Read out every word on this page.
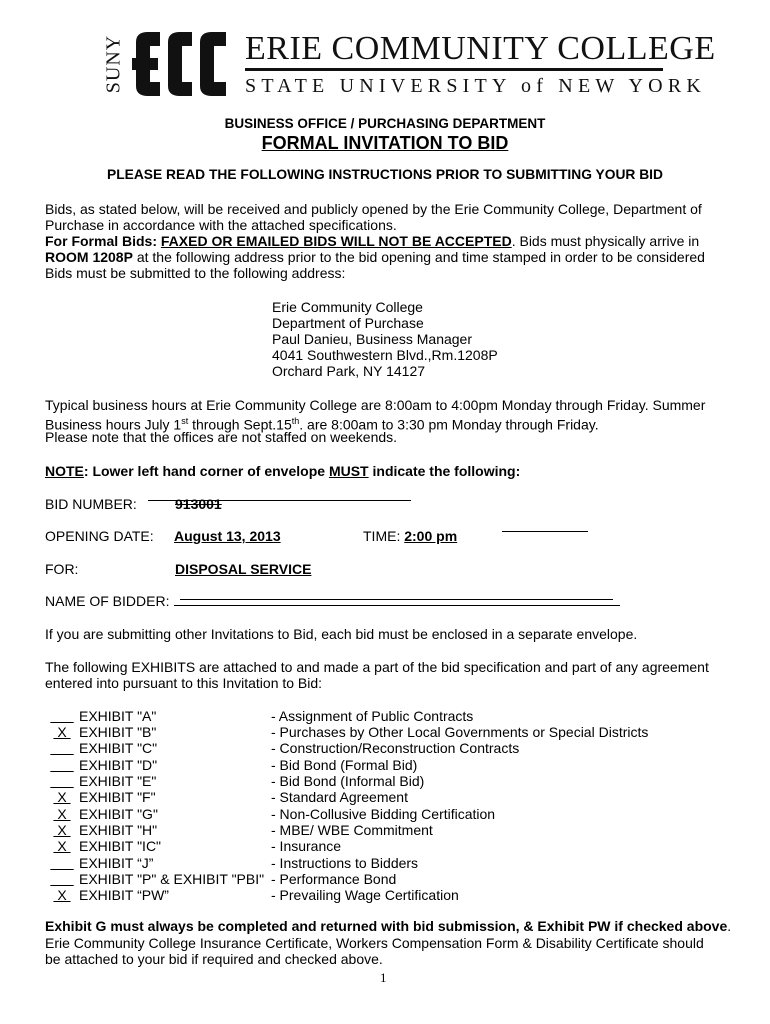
SUNY	ERIE COMMUNITY COLLEGE
STATE UNIVERSITY of NEW YORK
BUSINESS OFFICE / PURCHASING DEPARTMENT
FORMAL INVITATION TO BID
PLEASE READ THE FOLLOWING INSTRUCTIONS PRIOR TO SUBMITTING YOUR BID
Bids, as stated below, will be received and publicly opened by the Erie Community College, Department of
Purchase in accordance with the attached specifications.
For Formal Bids: FAXED OR EMAILED BIDS WILL NOT BE ACCEPTED. Bids must physically arrive in
ROOM 1208P at the following address prior to the bid opening and time stamped in order to be considered
Bids must be submitted to the following address:
Erie Community College
Department of Purchase
Paul Danieu, Business Manager
4041 Southwestern Blvd.,Rm.1208P
Orchard Park, NY 14127
Typical business hours at Erie Community College are 8:00am to 4:00pm Monday through Friday. Summer
Business hours July 1st through Sept.15th. are 8:00am to 3:30 pm Monday through Friday.
Please note that the offices are not staffed on weekends.
NOTE: Lower left hand corner of envelope MUST indicate the following:
BID NUMBER:	913001
OPENING DATE: August 13, 2013	TIME: 2:00 pm
FOR:	DISPOSAL SERVICE
NAME OF BIDDER:
If you are submitting other Invitations to Bid, each bid must be enclosed in a separate envelope.
The following EXHIBITS are attached to and made a part of the bid specification and part of any agreement
entered into pursuant to this Invitation to Bid:
EXHIBIT "A"	- Assignment of Public Contracts
X EXHIBIT "B"	- Purchases by Other Local Governments or Special Districts
EXHIBIT "C"	- Construction/Reconstruction Contracts
EXHIBIT "D"	- Bid Bond (Formal Bid)
EXHIBIT "E"	- Bid Bond (Informal Bid)
X EXHIBIT "F"	- Standard Agreement
X EXHIBIT "G"	- Non-Collusive Bidding Certification
X EXHIBIT "H"	- MBE/ WBE Commitment
X EXHIBIT "IC"	- Insurance
EXHIBIT “J”	- Instructions to Bidders
EXHIBIT "P" & EXHIBIT "PBI" - Performance Bond
X EXHIBIT “PW”	- Prevailing Wage Certification
Exhibit G must always be completed and returned with bid submission, & Exhibit PW if checked above.
Erie Community College Insurance Certificate, Workers Compensation Form & Disability Certificate should
be attached to your bid if required and checked above.
1
